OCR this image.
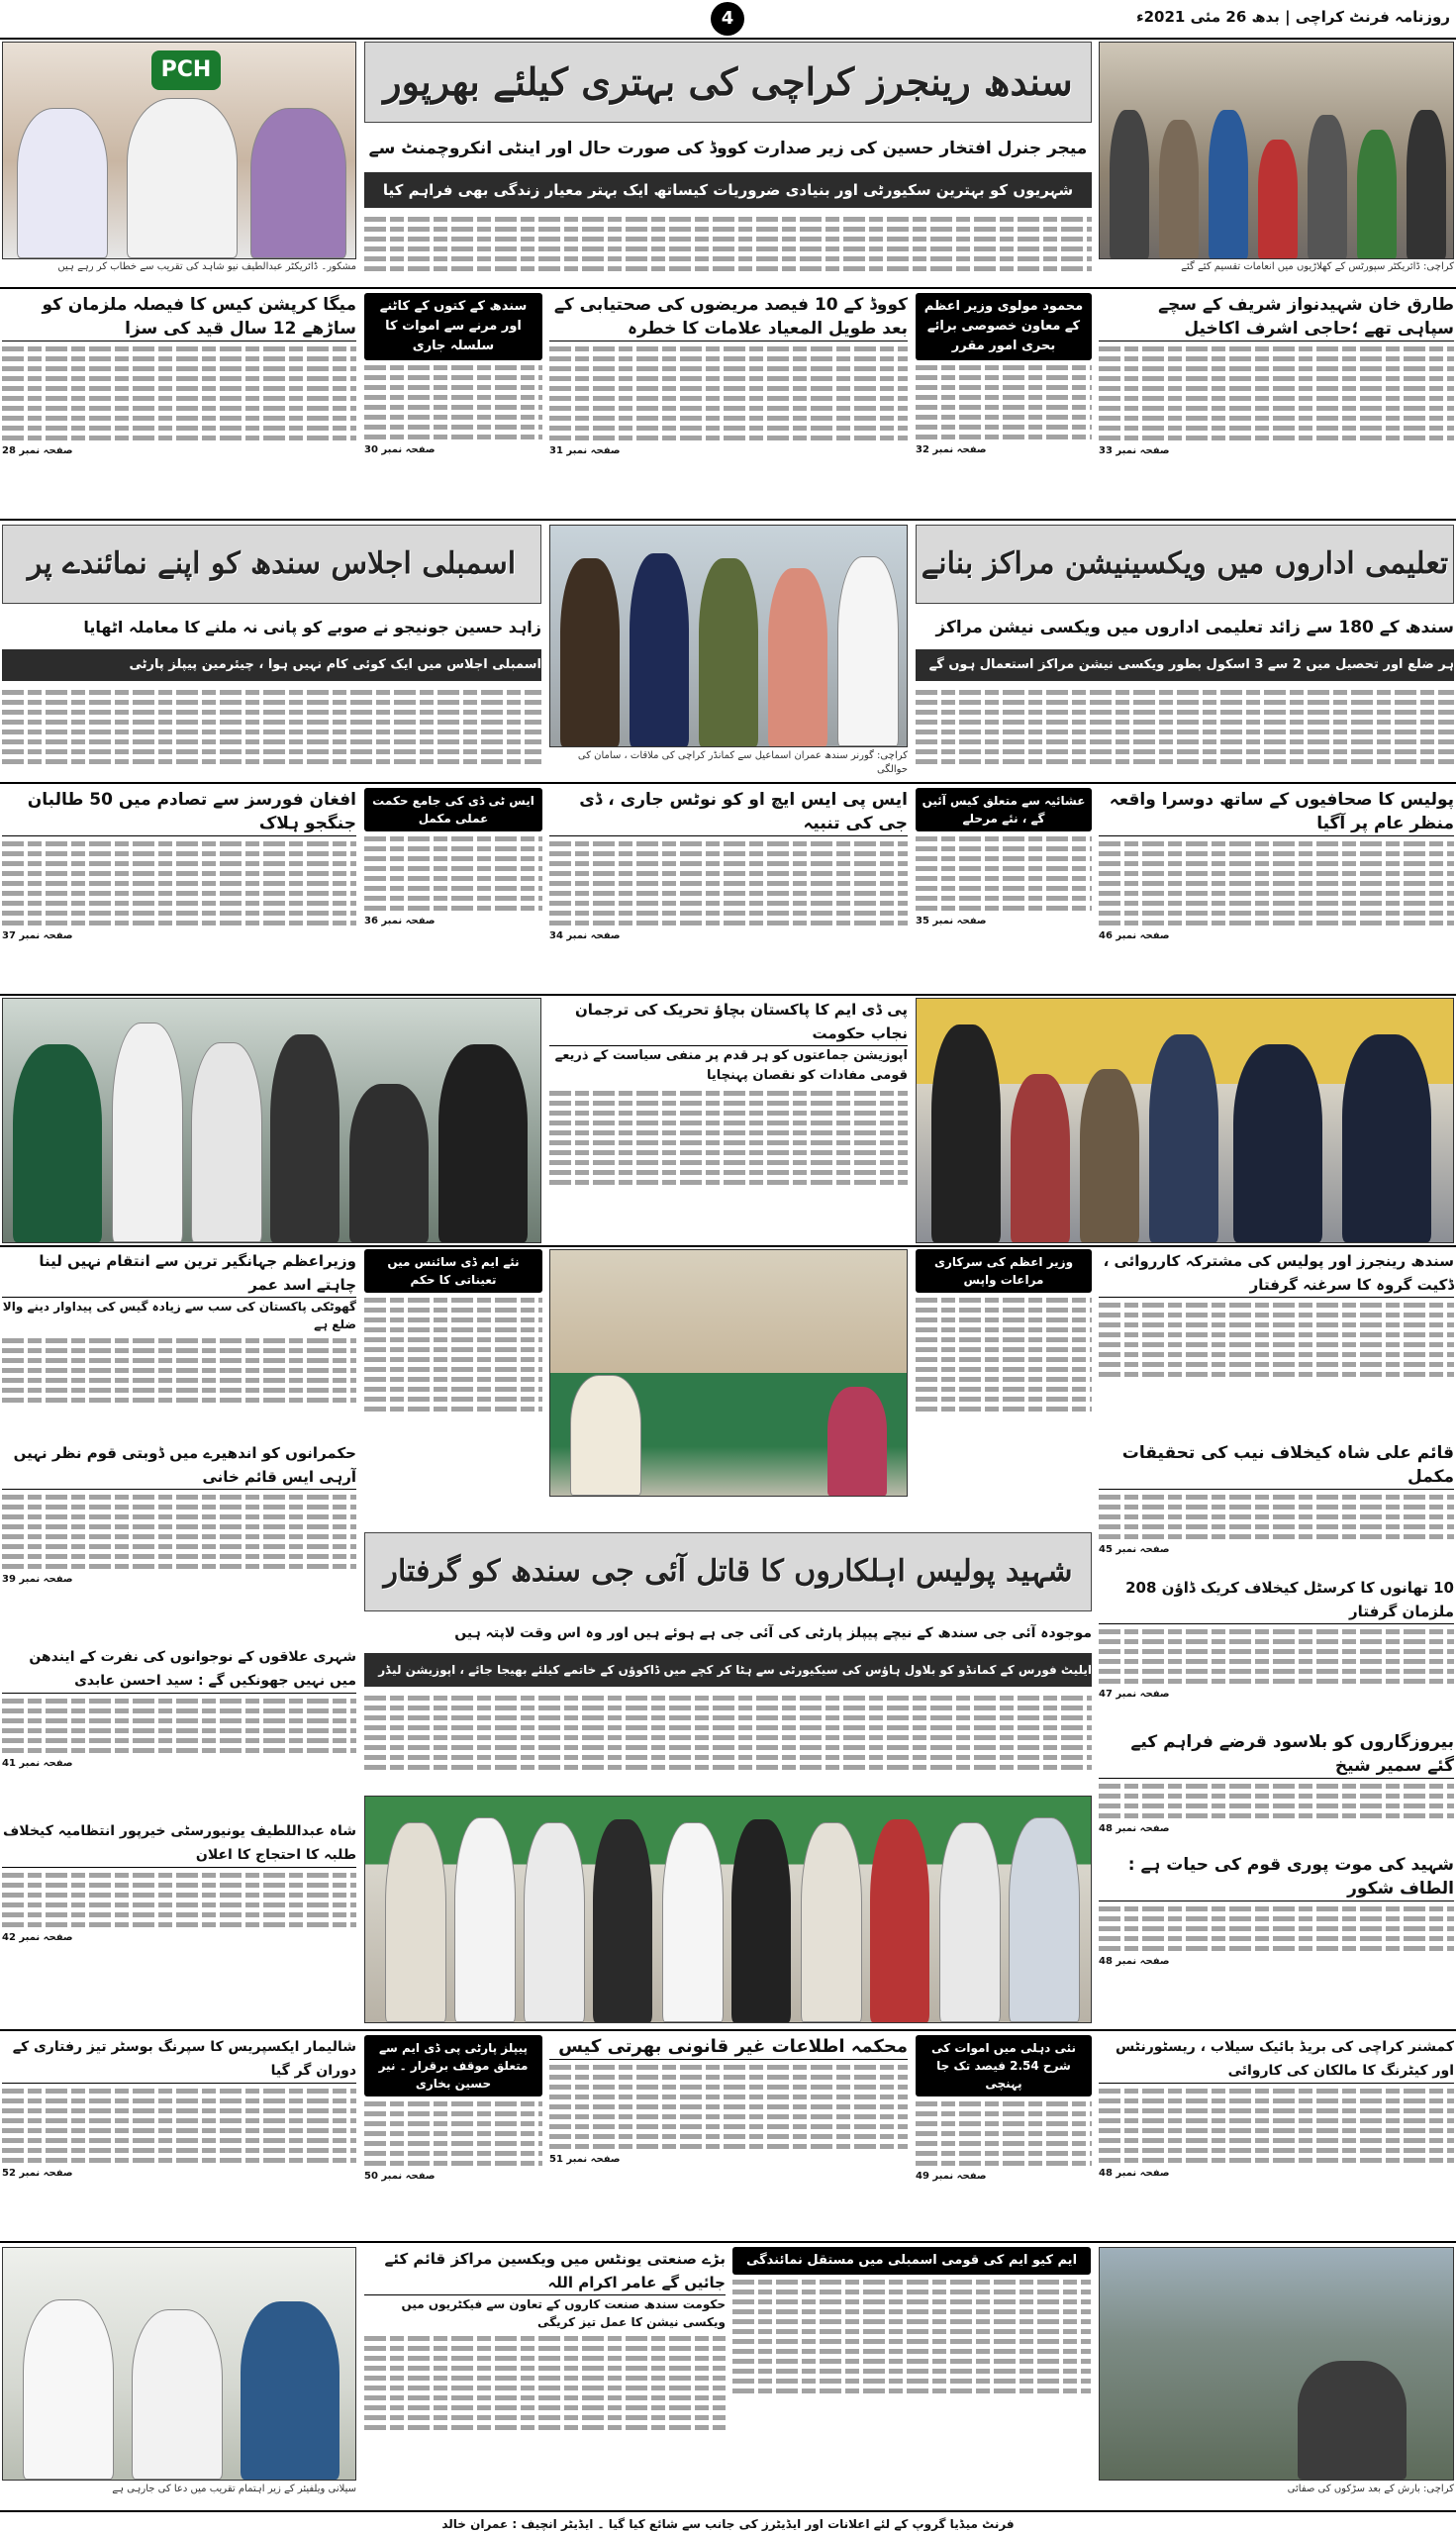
4	روزنامہ فرنٹ کراچی | بدھ 26 مئی 2021ء
PCH
مشکور۔ ڈائریکٹر عبدالطیف نیو شاہد کی تقریب سے خطاب کر رہے ہیں
سندھ رینجرز کراچی کی بہتری کیلئے بھرپور
میجر جنرل افتخار حسین کی زیر صدارت کووڈ کی صورت حال اور اینٹی انکروچمنٹ سے
شہریوں کو بہترین سکیورٹی اور بنیادی ضروریات کیساتھ ایک بہتر معیار زندگی بھی فراہم کیا
کراچی: ڈائریکٹر سپورٹس کے کھلاڑیوں میں انعامات تقسیم کئے گئے
طارق خان شہیدنواز شریف کے سچے سپاہی تھے ؛حاجی اشرف اکاخیل
صفحہ نمبر 33
محمود مولوی وزیر اعظم کے معاون خصوصی برائے بحری امور مقرر
صفحہ نمبر 32
کووڈ کے 10 فیصد مریضوں کی صحتیابی کے بعد طویل المعیاد علامات کا خطرہ
صفحہ نمبر 31
سندھ کے کتوں کے کاٹنے اور مرنے سے اموات کا سلسلہ جاری
صفحہ نمبر 30
میگا کرپشن کیس کا فیصلہ ملزمان کو ساڑھے 12 سال قید کی سزا
صفحہ نمبر 28
تعلیمی اداروں میں ویکسینیشن مراکز بنانے
سندھ کے 180 سے زائد تعلیمی اداروں میں ویکسی نیشن مراکز
ہر ضلع اور تحصیل میں 2 سے 3 اسکول بطور ویکسی نیشن مراکز استعمال ہوں گے
کراچی: گورنر سندھ عمران اسماعیل سے کمانڈر کراچی کی ملاقات ، سامان کی حوالگی
اسمبلی اجلاس سندھ کو اپنے نمائندے پر
زاہد حسین جونیجو نے صوبے کو پانی نہ ملنے کا معاملہ اٹھایا
اسمبلی اجلاس میں ایک کوئی کام نہیں ہوا ، چیئرمین پیپلز پارٹی
پولیس کا صحافیوں کے ساتھ دوسرا واقعہ منظر عام پر آگیا
صفحہ نمبر 46
عشائیہ سے متعلق کیس آئیں گے ، نئے مرحلے
صفحہ نمبر 35
ایس پی ایس ایچ او کو نوٹس جاری ، ڈی جی کی تنبیہ
صفحہ نمبر 34
ایس ٹی ڈی کی جامع حکمت عملی مکمل
صفحہ نمبر 36
افغان فورسز سے تصادم میں 50 طالبان جنگجو ہلاک
صفحہ نمبر 37
پی ڈی ایم کا پاکستان بچاؤ تحریک کی ترجمان نجاب حکومت
اپوزیشن جماعتوں کو ہر قدم پر منفی سیاست کے ذریعے قومی مفادات کو نقصان پہنچایا
سندھ رینجرز اور پولیس کی مشترکہ کارروائی ، ڈکیت گروہ کا سرغنہ گرفتار
وزیر اعظم کی سرکاری مراعات واپس
نئے ایم ڈی سائنس میں تعیناتی کا حکم
وزیراعظم جہانگیر ترین سے انتقام نہیں لینا چاہتے اسد عمر
گھوٹکی پاکستان کی سب سے زیادہ گیس کی پیداوار دینے والا ضلع ہے
شہید پولیس اہلکاروں کا قاتل آئی جی سندھ کو گرفتار
موجودہ آئی جی سندھ کے نیچے پیپلز پارٹی کی آئی جی ہے ہوئے ہیں اور وہ اس وقت لاپتہ ہیں
ایلیٹ فورس کے کمانڈو کو بلاول ہاؤس کی سیکیورٹی سے ہٹا کر کچے میں ڈاکوؤں کے خاتمے کیلئے بھیجا جائے ، اپوزیشن لیڈر
قائم علی شاہ کیخلاف نیب کی تحقیقات مکمل
صفحہ نمبر 45
10 تھانوں کا کرسٹل کیخلاف کریک ڈاؤن 208 ملزمان گرفتار
صفحہ نمبر 47
بیروزگاروں کو بلاسود قرضے فراہم کیے گئے سمیر شیخ
صفحہ نمبر 48
شہید کی موت پوری قوم کی حیات ہے : الطاف شکور
صفحہ نمبر 48
حکمرانوں کو اندھیرے میں ڈوبتی قوم نظر نہیں آرہی ایس قائم خانی
صفحہ نمبر 39
شہری علاقوں کے نوجوانوں کی نفرت کے ایندھن میں نہیں جھونکیں گے : سید احسن عابدی
صفحہ نمبر 41
شاہ عبداللطیف یونیورسٹی خیرپور انتظامیہ کیخلاف طلبہ کا احتجاج کا اعلان
صفحہ نمبر 42
کمشنر کراچی کی بریڈ بائیک سیلاب ، ریسٹورنٹس اور کیٹرنگ کا مالکان کی کاروائی
صفحہ نمبر 48
نئی دہلی میں اموات کی شرح 2.54 فیصد تک جا پہنچی
صفحہ نمبر 49
محکمہ اطلاعات غیر قانونی بھرتی کیس
صفحہ نمبر 51
پیپلز پارٹی پی ڈی ایم سے متعلق موقف برقرار ۔ نیر حسین بخاری
صفحہ نمبر 50
شالیمار ایکسپریس کا سپرنگ بوسٹر تیز رفتاری کے دوران گر گیا
صفحہ نمبر 52
کراچی: بارش کے بعد سڑکوں کی صفائی
ایم کیو ایم کی قومی اسمبلی میں مستقل نمائندگی
بڑے صنعتی یونٹس میں ویکسین مراکز قائم کئے جائیں گے عامر اکرام اللہ
حکومت سندھ صنعت کاروں کے تعاون سے فیکٹریوں میں ویکسی نیشن کا عمل تیز کریگی
سیلانی ویلفیئر کے زیر اہتمام تقریب میں دعا کی جارہی ہے
فرنٹ میڈیا گروپ کے لئے اعلانات اور ایڈیٹرز کی جانب سے شائع کیا گیا ۔ ایڈیٹر انچیف : عمران خالد
